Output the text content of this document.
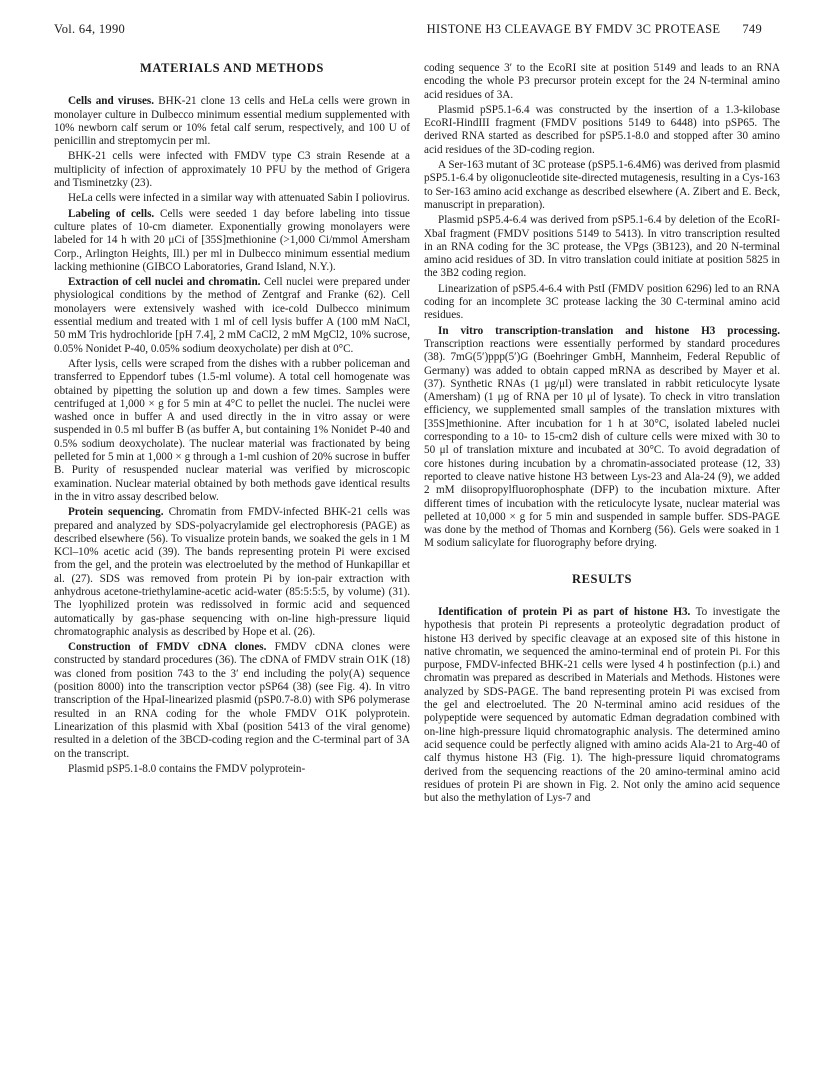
Vol. 64, 1990	HISTONE H3 CLEAVAGE BY FMDV 3C PROTEASE 749
MATERIALS AND METHODS

Cells and viruses. BHK-21 clone 13 cells and HeLa cells were grown in monolayer culture in Dulbecco minimum essential medium supplemented with 10% newborn calf serum or 10% fetal calf serum, respectively, and 100 U of penicillin and streptomycin per ml.

BHK-21 cells were infected with FMDV type C3 strain Resende at a multiplicity of infection of approximately 10 PFU by the method of Grigera and Tisminetzky (23).

HeLa cells were infected in a similar way with attenuated Sabin I poliovirus.

Labeling of cells. Cells were seeded 1 day before labeling into tissue culture plates of 10-cm diameter. Exponentially growing monolayers were labeled for 14 h with 20 μCi of [35S]methionine (>1,000 Ci/mmol Amersham Corp., Arlington Heights, Ill.) per ml in Dulbecco minimum essential medium lacking methionine (GIBCO Laboratories, Grand Island, N.Y.).

Extraction of cell nuclei and chromatin. Cell nuclei were prepared under physiological conditions by the method of Zentgraf and Franke (62). Cell monolayers were extensively washed with ice-cold Dulbecco minimum essential medium and treated with 1 ml of cell lysis buffer A (100 mM NaCl, 50 mM Tris hydrochloride [pH 7.4], 2 mM CaCl2, 2 mM MgCl2, 10% sucrose, 0.05% Nonidet P-40, 0.05% sodium deoxycholate) per dish at 0°C.

After lysis, cells were scraped from the dishes with a rubber policeman and transferred to Eppendorf tubes (1.5-ml volume). A total cell homogenate was obtained by pipetting the solution up and down a few times. Samples were centrifuged at 1,000 × g for 5 min at 4°C to pellet the nuclei. The nuclei were washed once in buffer A and used directly in the in vitro assay or were suspended in 0.5 ml buffer B (as buffer A, but containing 1% Nonidet P-40 and 0.5% sodium deoxycholate). The nuclear material was fractionated by being pelleted for 5 min at 1,000 × g through a 1-ml cushion of 20% sucrose in buffer B. Purity of resuspended nuclear material was verified by microscopic examination. Nuclear material obtained by both methods gave identical results in the in vitro assay described below.

Protein sequencing. Chromatin from FMDV-infected BHK-21 cells was prepared and analyzed by SDS-polyacrylamide gel electrophoresis (PAGE) as described elsewhere (56). To visualize protein bands, we soaked the gels in 1 M KCl–10% acetic acid (39). The bands representing protein Pi were excised from the gel, and the protein was electroeluted by the method of Hunkapillar et al. (27). SDS was removed from protein Pi by ion-pair extraction with anhydrous acetone-triethylamine-acetic acid-water (85:5:5:5, by volume) (31). The lyophilized protein was redissolved in formic acid and sequenced automatically by gas-phase sequencing with on-line high-pressure liquid chromatographic analysis as described by Hope et al. (26).

Construction of FMDV cDNA clones. FMDV cDNA clones were constructed by standard procedures (36). The cDNA of FMDV strain O1K (18) was cloned from position 743 to the 3′ end including the poly(A) sequence (position 8000) into the transcription vector pSP64 (38) (see Fig. 4). In vitro transcription of the HpaI-linearized plasmid (pSP0.7-8.0) with SP6 polymerase resulted in an RNA coding for the whole FMDV O1K polyprotein. Linearization of this plasmid with XbaI (position 5413 of the viral genome) resulted in a deletion of the 3BCD-coding region and the C-terminal part of 3A on the transcript.

Plasmid pSP5.1-8.0 contains the FMDV polyprotein-

coding sequence 3′ to the EcoRI site at position 5149 and leads to an RNA encoding the whole P3 precursor protein except for the 24 N-terminal amino acid residues of 3A.

Plasmid pSP5.1-6.4 was constructed by the insertion of a 1.3-kilobase EcoRI-HindIII fragment (FMDV positions 5149 to 6448) into pSP65. The derived RNA started as described for pSP5.1-8.0 and stopped after 30 amino acid residues of the 3D-coding region.

A Ser-163 mutant of 3C protease (pSP5.1-6.4M6) was derived from plasmid pSP5.1-6.4 by oligonucleotide site-directed mutagenesis, resulting in a Cys-163 to Ser-163 amino acid exchange as described elsewhere (A. Zibert and E. Beck, manuscript in preparation).

Plasmid pSP5.4-6.4 was derived from pSP5.1-6.4 by deletion of the EcoRI-XbaI fragment (FMDV positions 5149 to 5413). In vitro transcription resulted in an RNA coding for the 3C protease, the VPgs (3B123), and 20 N-terminal amino acid residues of 3D. In vitro translation could initiate at position 5825 in the 3B2 coding region.

Linearization of pSP5.4-6.4 with PstI (FMDV position 6296) led to an RNA coding for an incomplete 3C protease lacking the 30 C-terminal amino acid residues.

In vitro transcription-translation and histone H3 processing. Transcription reactions were essentially performed by standard procedures (38). 7mG(5′)ppp(5′)G (Boehringer GmbH, Mannheim, Federal Republic of Germany) was added to obtain capped mRNA as described by Mayer et al. (37). Synthetic RNAs (1 μg/μl) were translated in rabbit reticulocyte lysate (Amersham) (1 μg of RNA per 10 μl of lysate). To check in vitro translation efficiency, we supplemented small samples of the translation mixtures with [35S]methionine. After incubation for 1 h at 30°C, isolated labeled nuclei corresponding to a 10- to 15-cm2 dish of culture cells were mixed with 30 to 50 μl of translation mixture and incubated at 30°C. To avoid degradation of core histones during incubation by a chromatin-associated protease (12, 33) reported to cleave native histone H3 between Lys-23 and Ala-24 (9), we added 2 mM diisopropylfluorophosphate (DFP) to the incubation mixture. After different times of incubation with the reticulocyte lysate, nuclear material was pelleted at 10,000 × g for 5 min and suspended in sample buffer. SDS-PAGE was done by the method of Thomas and Kornberg (56). Gels were soaked in 1 M sodium salicylate for fluorography before drying.

RESULTS

Identification of protein Pi as part of histone H3. To investigate the hypothesis that protein Pi represents a proteolytic degradation product of histone H3 derived by specific cleavage at an exposed site of this histone in native chromatin, we sequenced the amino-terminal end of protein Pi. For this purpose, FMDV-infected BHK-21 cells were lysed 4 h postinfection (p.i.) and chromatin was prepared as described in Materials and Methods. Histones were analyzed by SDS-PAGE. The band representing protein Pi was excised from the gel and electroeluted. The 20 N-terminal amino acid residues of the polypeptide were sequenced by automatic Edman degradation combined with on-line high-pressure liquid chromatographic analysis. The determined amino acid sequence could be perfectly aligned with amino acids Ala-21 to Arg-40 of calf thymus histone H3 (Fig. 1). The high-pressure liquid chromatograms derived from the sequencing reactions of the 20 amino-terminal amino acid residues of protein Pi are shown in Fig. 2. Not only the amino acid sequence but also the methylation of Lys-7 and
